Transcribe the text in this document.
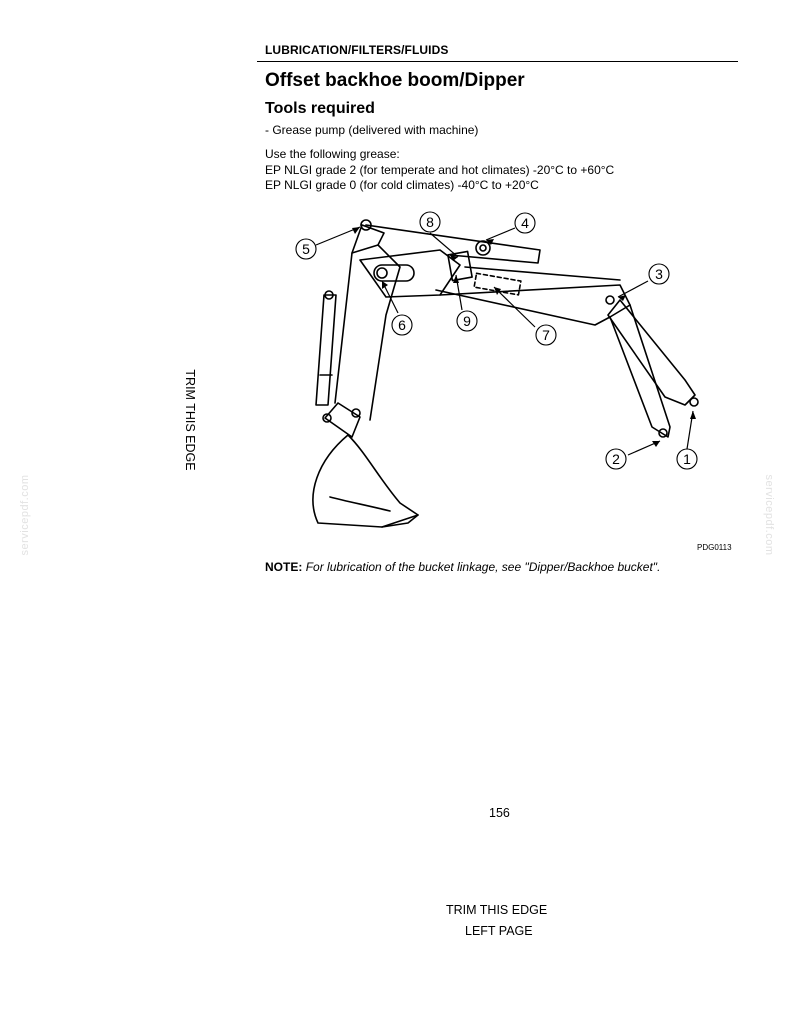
LUBRICATION/FILTERS/FLUIDS
Offset backhoe boom/Dipper
Tools required
- Grease pump (delivered with machine)
Use the following grease:
EP NLGI grade 2 (for temperate and hot climates) -20°C to +60°C
EP NLGI grade 0 (for cold climates) -40°C to +20°C
1
2
3
4
5
6
7
8
9
PDG0113
NOTE: For lubrication of the bucket linkage, see "Dipper/Backhoe bucket".
156
TRIM THIS EDGE
LEFT PAGE
TRIM THIS EDGE
servicepdf.com	servicepdf.com
